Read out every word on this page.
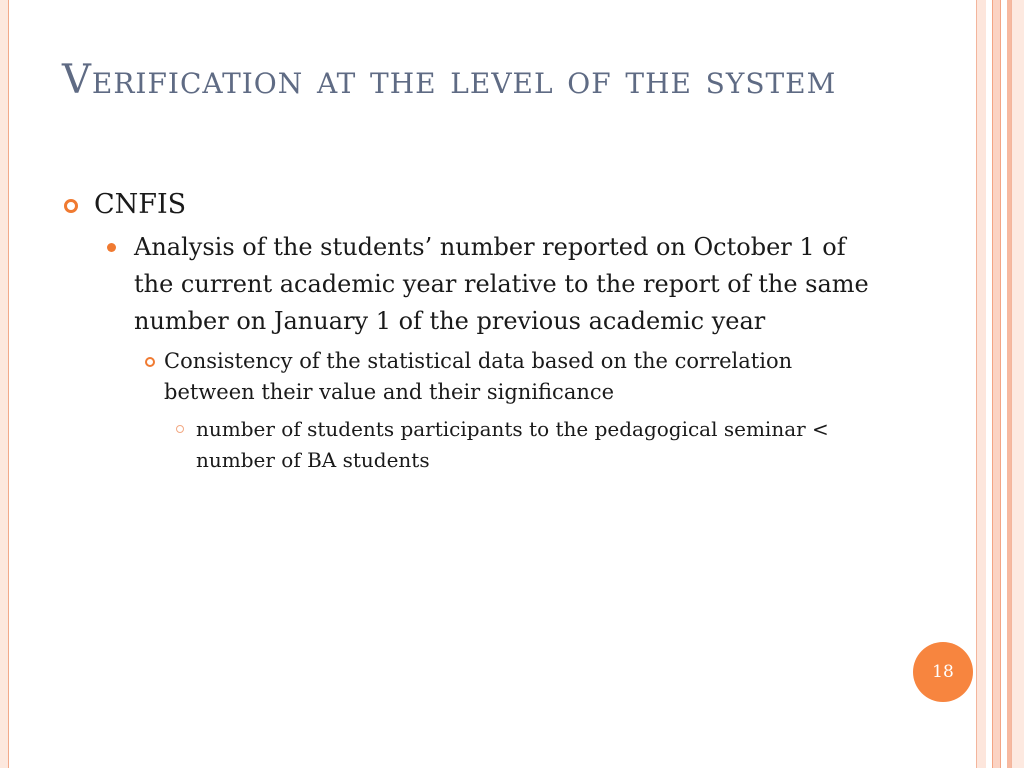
Verification at the level of the system
CNFIS
Analysis of the students’ number reported on October 1 of the current academic year relative to the report of the same number on January 1 of the previous academic year
Consistency of the statistical data based on the correlation between their value and their significance
number of students participants to the pedagogical seminar < number of BA students
18
